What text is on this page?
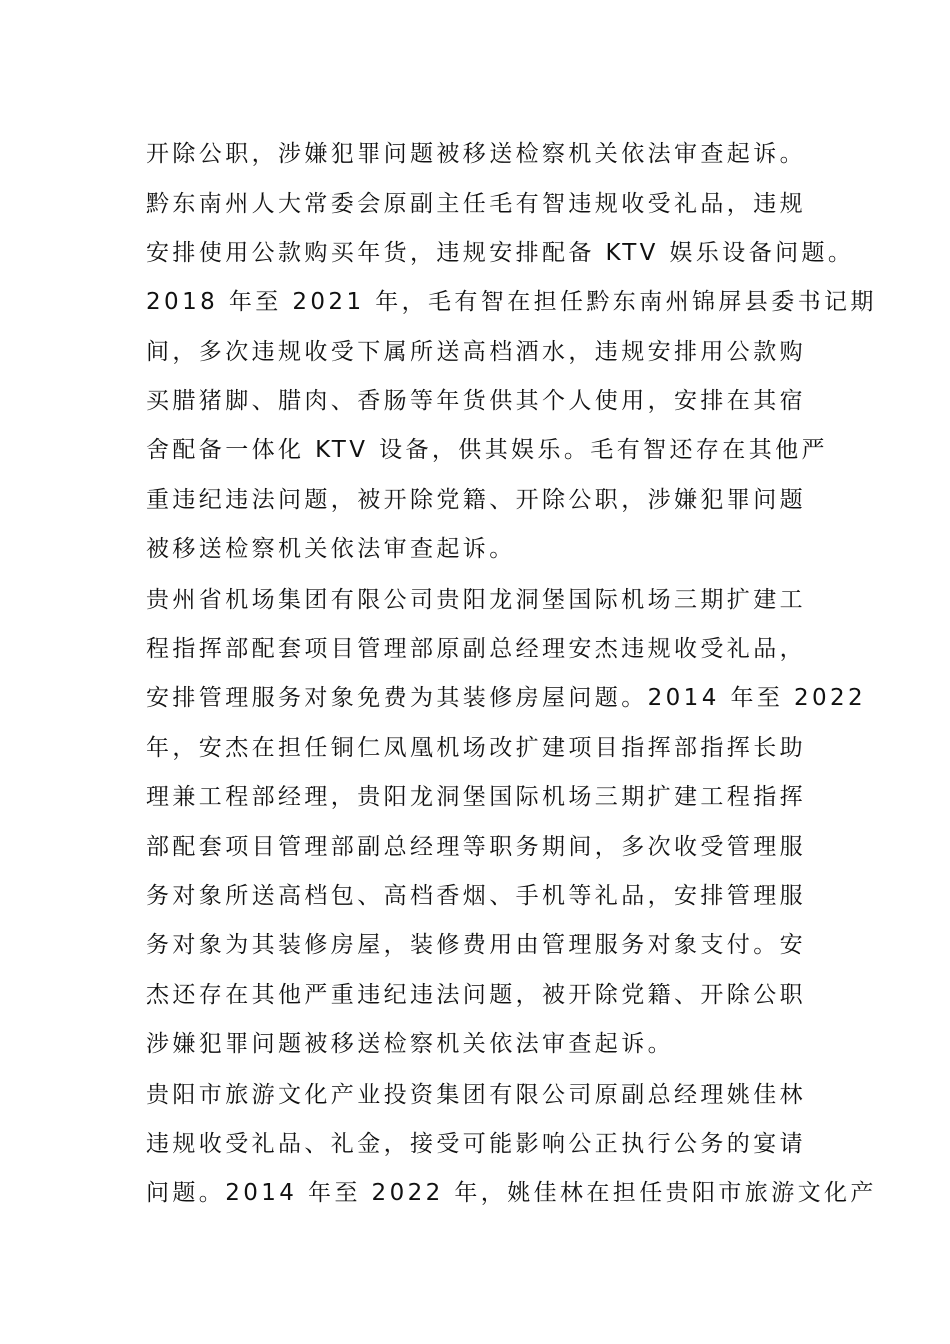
开除公职，涉嫌犯罪问题被移送检察机关依法审查起诉。
黔东南州人大常委会原副主任毛有智违规收受礼品，违规
安排使用公款购买年货，违规安排配备 KTV 娱乐设备问题。
2018 年至 2021 年，毛有智在担任黔东南州锦屏县委书记期
间，多次违规收受下属所送高档酒水，违规安排用公款购
买腊猪脚、腊肉、香肠等年货供其个人使用，安排在其宿
舍配备一体化 KTV 设备，供其娱乐。毛有智还存在其他严
重违纪违法问题，被开除党籍、开除公职，涉嫌犯罪问题
被移送检察机关依法审查起诉。
贵州省机场集团有限公司贵阳龙洞堡国际机场三期扩建工
程指挥部配套项目管理部原副总经理安杰违规收受礼品，
安排管理服务对象免费为其装修房屋问题。2014 年至 2022
年，安杰在担任铜仁凤凰机场改扩建项目指挥部指挥长助
理兼工程部经理，贵阳龙洞堡国际机场三期扩建工程指挥
部配套项目管理部副总经理等职务期间，多次收受管理服
务对象所送高档包、高档香烟、手机等礼品，安排管理服
务对象为其装修房屋，装修费用由管理服务对象支付。安
杰还存在其他严重违纪违法问题，被开除党籍、开除公职
涉嫌犯罪问题被移送检察机关依法审查起诉。
贵阳市旅游文化产业投资集团有限公司原副总经理姚佳林
违规收受礼品、礼金，接受可能影响公正执行公务的宴请
问题。2014 年至 2022 年，姚佳林在担任贵阳市旅游文化产
